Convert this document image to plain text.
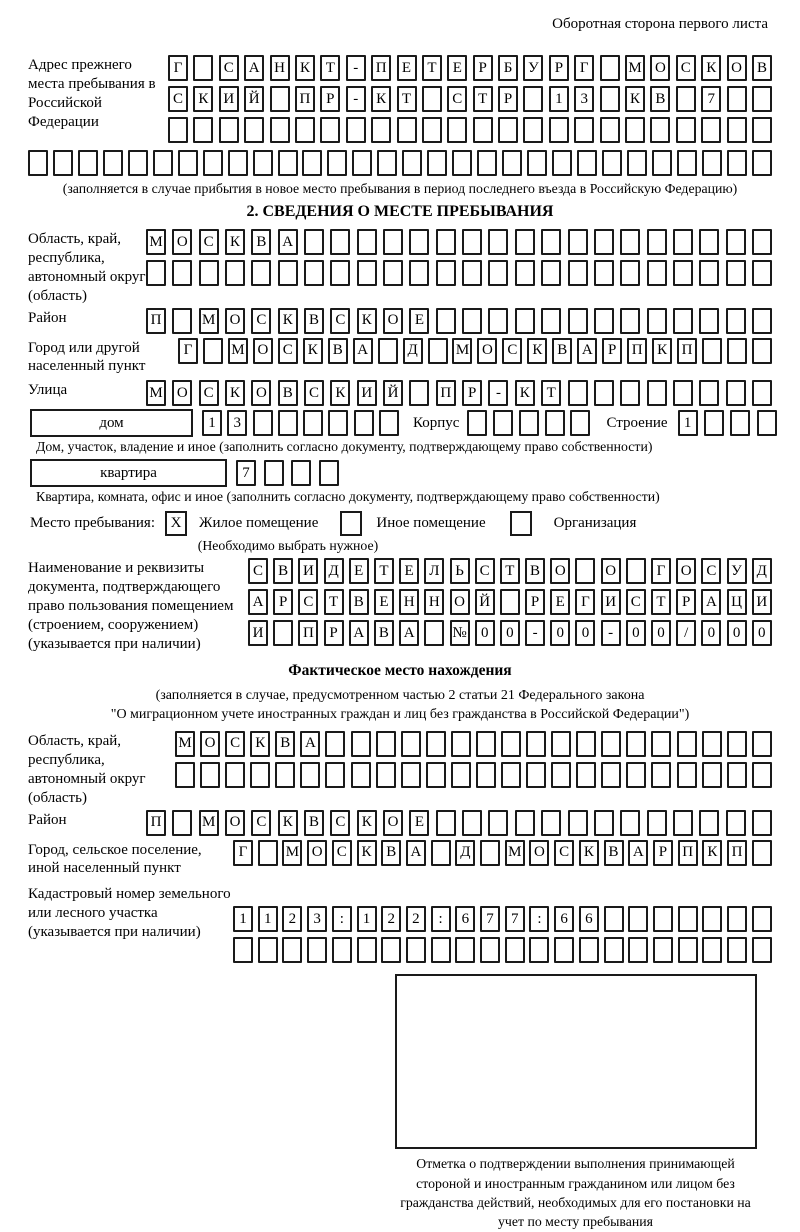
Оборотная сторона первого листа
Адрес прежнего места пребывания в Российской Федерации
Г	С А Н К	Т	-	П	Е	Т	Е	Р	Б	У	Р	Г	М О С	К О В
С	К И Й	П	Р	-	К	Т	С	Т	Р	1	3	К	В	7
(заполняется в случае прибытия в новое место пребывания в период последнего въезда в Российскую Федерацию)
2. СВЕДЕНИЯ О МЕСТЕ ПРЕБЫВАНИЯ
Область, край, республика, автономный округ (область)
М О	С	К	В	А
Район	П	М О	С	К	В	С	К	О	Е
Город или другой населенный пункт
Г	М О С К В А	Д	М О С К В А	Р	П К П
Улица	М О	С	К	О	В	С	К	И	Й	П	Р	-	К	Т
дом	1	3	Корпус	Строение	1
Дом, участок, владение и иное (заполнить согласно документу, подтверждающему право собственности)
квартира	7
Квартира, комната, офис и иное (заполнить согласно документу, подтверждающему право собственности)
Место пребывания:	X	Жилое помещение	Иное помещение	Организация
(Необходимо выбрать нужное)
Наименование и реквизиты документа, подтверждающего право пользования помещением (строением, сооружением) (указывается при наличии)
С	В И Д	Е	Т	Е	Л	Ь	С	Т	В О	О	Г	О С У Д
А	Р	С	Т	В	Е	Н Н О Й	Р	Е	Г	И С	Т	Р	А Ц И
И	П	Р	А В А	№ 0	0	-	0	0	-	0	0	/	0	0	0
Фактическое место нахождения
(заполняется в случае, предусмотренном частью 2 статьи 21 Федерального закона
"О миграционном учете иностранных граждан и лиц без гражданства в Российской Федерации")
Область, край, республика, автономный округ (область)
М О С	К	В А
Район	П	М О	С	К	В	С	К	О	Е
Город, сельское поселение, иной населенный пункт
Г	М О С К В А	Д	М О С К В А	Р	П К П
Кадастровый номер земельного или лесного участка (указывается при наличии)
1	1	2	3	:	1	2	2	:	6	7	7	:	6	6
Отметка о подтверждении выполнения принимающей стороной и иностранным гражданином или лицом без гражданства действий, необходимых для его постановки на учет по месту пребывания
